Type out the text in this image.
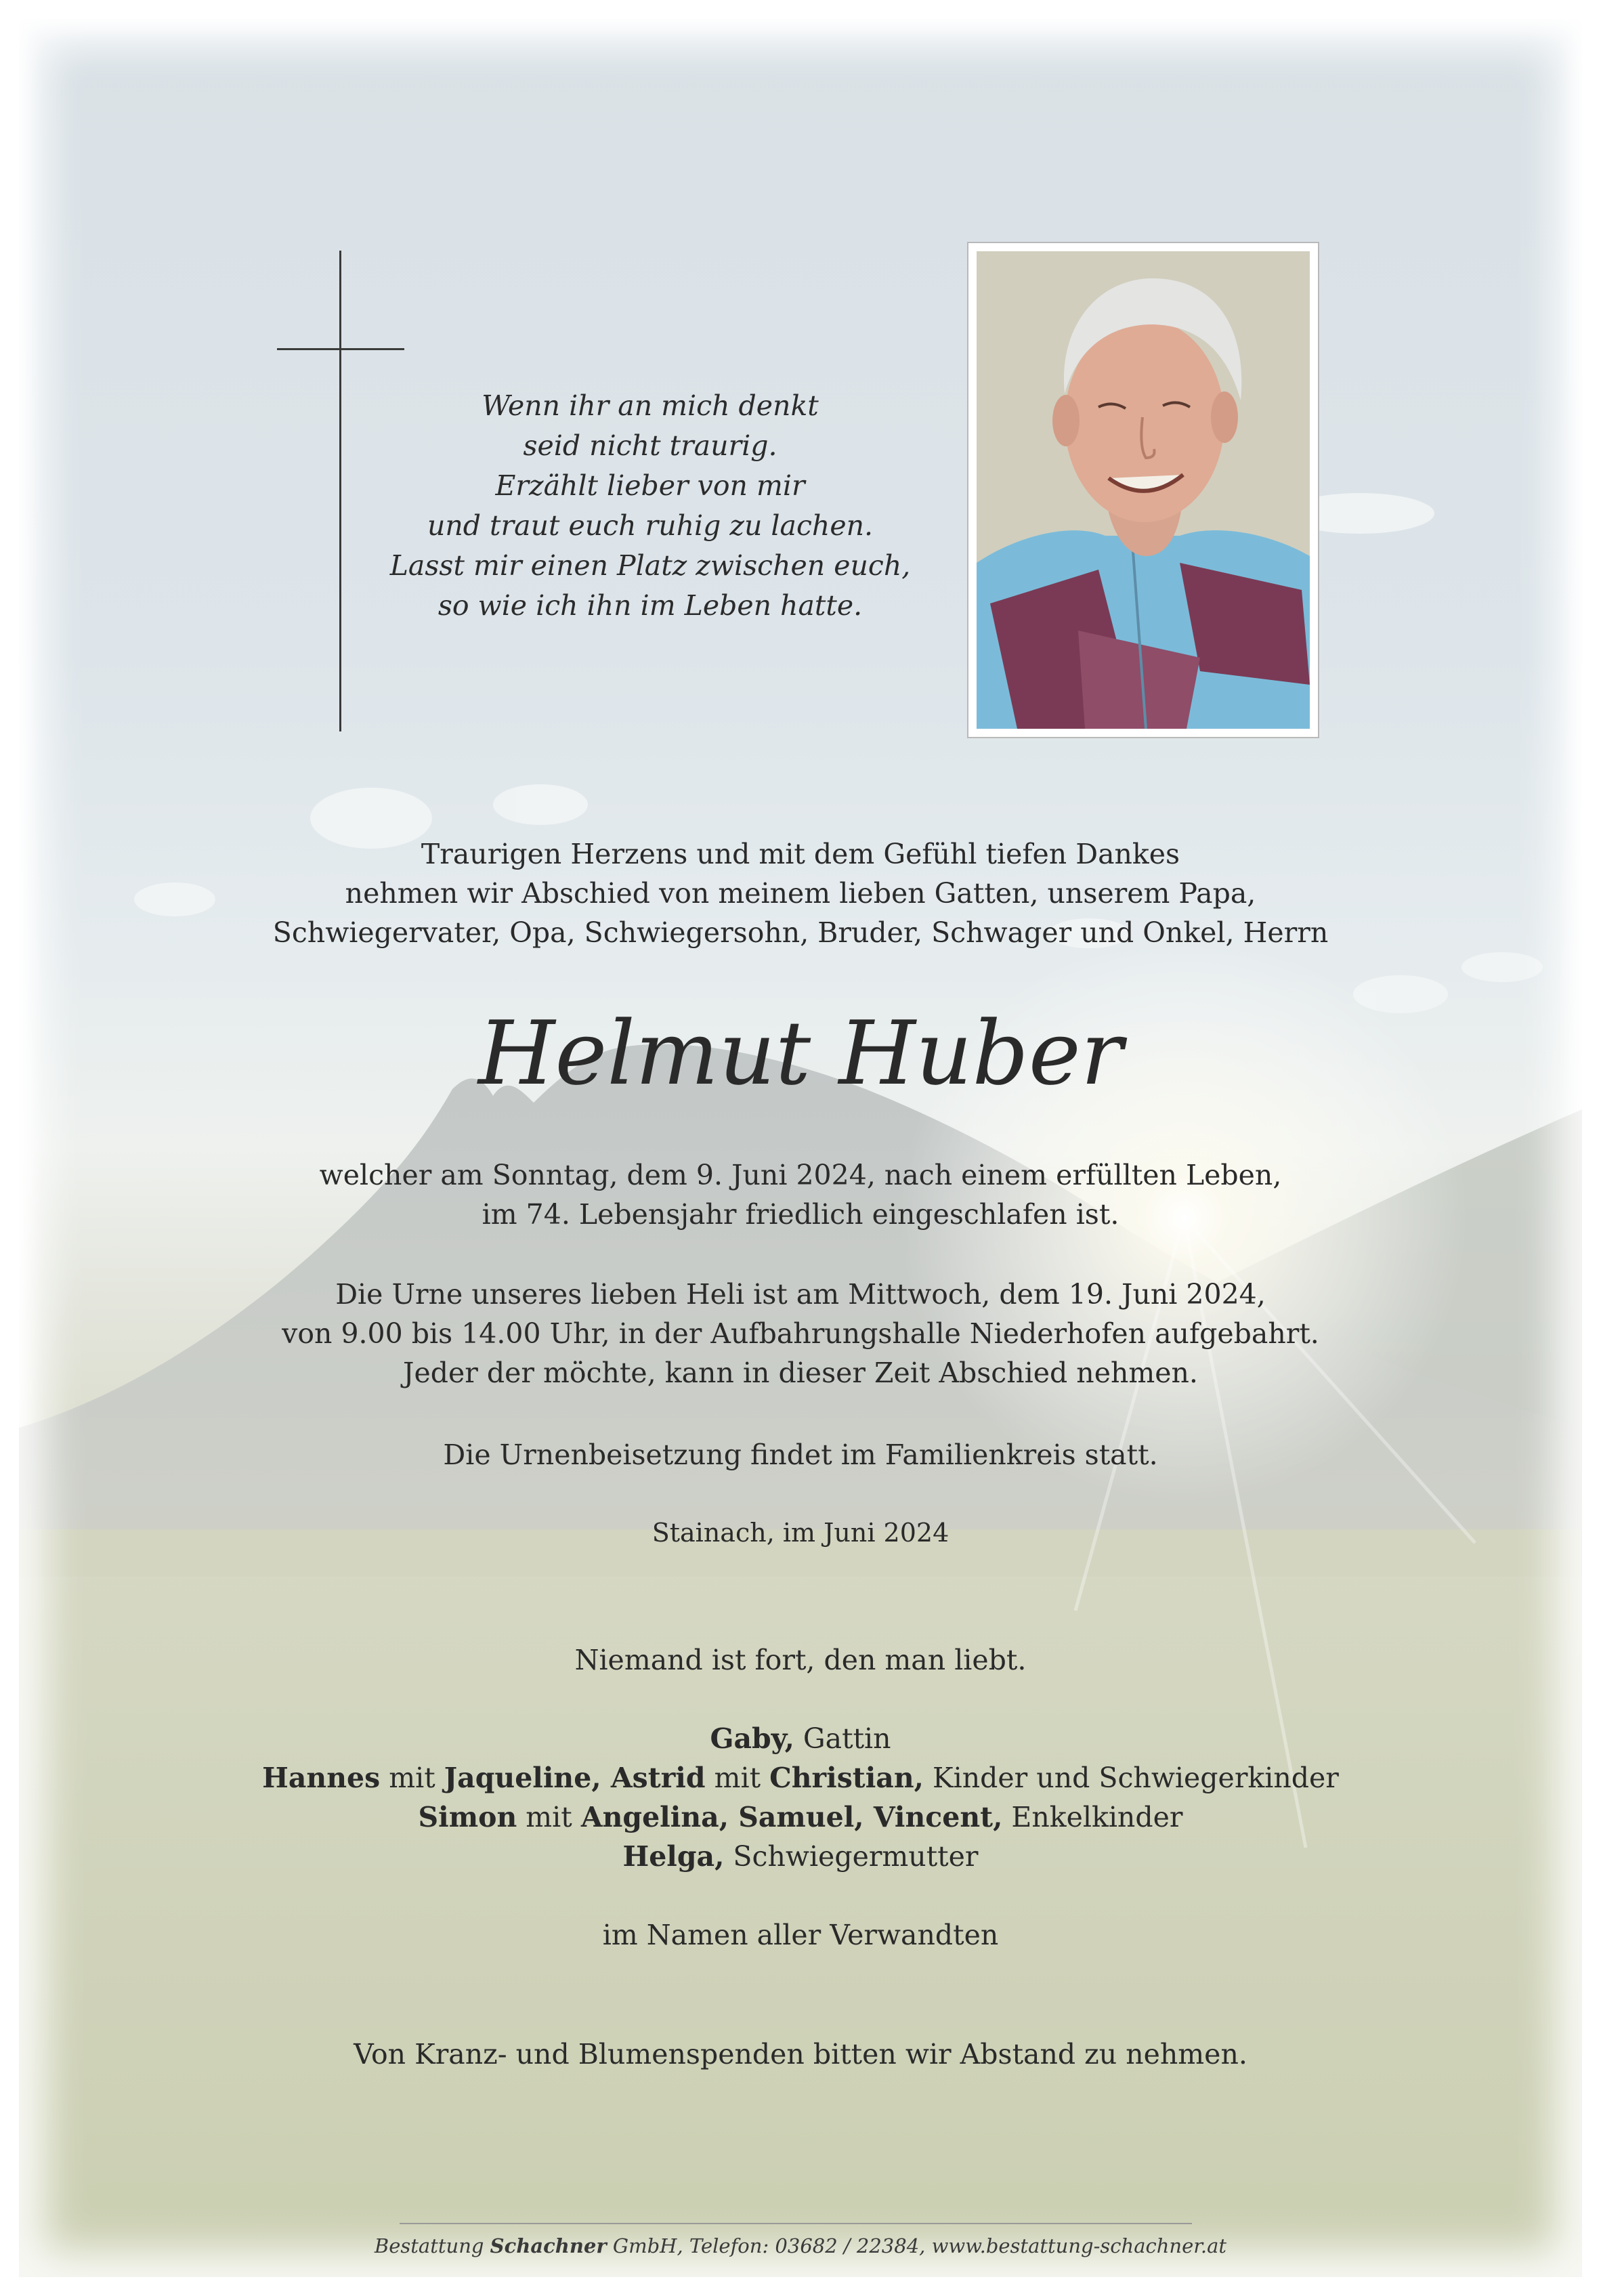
Wenn ihr an mich denkt
seid nicht traurig.
Erzählt lieber von mir
und traut euch ruhig zu lachen.
Lasst mir einen Platz zwischen euch,
so wie ich ihn im Leben hatte.
Traurigen Herzens und mit dem Gefühl tiefen Dankes
nehmen wir Abschied von meinem lieben Gatten, unserem Papa,
Schwiegervater, Opa, Schwiegersohn, Bruder, Schwager und Onkel, Herrn
Helmut Huber
welcher am Sonntag, dem 9. Juni 2024, nach einem erfüllten Leben,
im 74. Lebensjahr friedlich eingeschlafen ist.
Die Urne unseres lieben Heli ist am Mittwoch, dem 19. Juni 2024,
von 9.00 bis 14.00 Uhr, in der Aufbahrungshalle Niederhofen aufgebahrt.
Jeder der möchte, kann in dieser Zeit Abschied nehmen.
Die Urnenbeisetzung findet im Familienkreis statt.
Stainach, im Juni 2024
Niemand ist fort, den man liebt.
Gaby, Gattin
Hannes mit Jaqueline, Astrid mit Christian, Kinder und Schwiegerkinder
Simon mit Angelina, Samuel, Vincent, Enkelkinder
Helga, Schwiegermutter
im Namen aller Verwandten
Von Kranz- und Blumenspenden bitten wir Abstand zu nehmen.
Bestattung Schachner GmbH, Telefon: 03682 / 22384, www.bestattung-schachner.at
